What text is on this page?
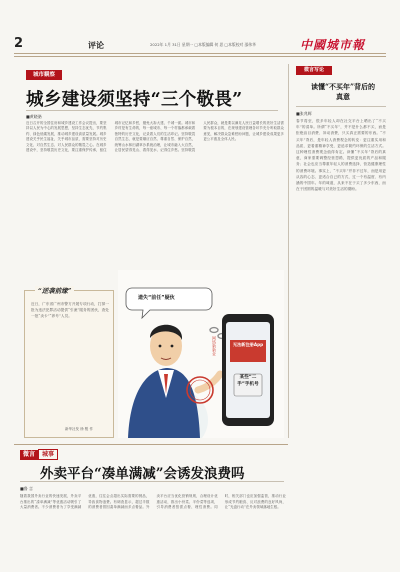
2	评论	2022年 1月 31日 星期一 □本版编辑 何 思 □本版校对 邵伟华	中國城市報
城市観察
城乡建设须坚持“三个敬畏”
■黄晓骆
近日召开的全国住房和城乡建设工作会议提出，要坚持以人民为中心的发展思想，坚持生态优先、节约集约、绿色低碳发展，推动城乡建设高质量发展。城乡建设关乎民生福祉，关乎城市品质，需要坚持对历史文化、对自然生态、对人民群众的敬畏之心。在城乡建设中，坚持敬畏历史文化，要注重保护传承，留住城市记忆和乡愁，避免大拆大建、千城一面。城市和乡村是有生命的，每一座城市、每一个村落都承载着独特的历史文化，记录着人们的生活印记。坚持敬畏自然生态，就是要顺应自然、尊重自然、保护自然，统筹山水林田湖草沙系统治理，让城市融入大自然，让居民望得见山、看得见水、记得住乡愁。坚持敬畏人民群众，就是要以满足人民日益增长的美好生活需要为根本目的，在规划建设管理各环节充分听取群众意见，解决群众急难愁盼问题，让城乡建设成果更多更公平惠及全体人民。
“逆袭前缘”
近日，广东省广州市警方开展专项行动，打掉一批为违法犯罪活动提供“引流”服务的团伙，查处一批“卖卡”“养号”人员。
新华社发 徐 骏 作
遗失“前任”疑伙
无法新注册App
某些“二手”手机号
网络新新业
微言写论
读懂“不买年”背后的真意
■张兆辉
春节将至，很多年轻人却在社交平台上晒出了“不买年”的清单。所谓“不买年”，并不是什么都不买，而是拒绝盲目消费、冲动消费，只买真正需要的东西。“不买年”背后，是年轻人消费观念的转变：更注重实用和品质，更看重精神享受，更追求简约环保的生活方式。这种理性消费观念值得肯定。读懂“不买年”背后的真意，商家需要调整经营思路，提供更优质的产品和服务；社会也应当尊重年轻人的消费选择，营造健康理性的消费环境。事实上，“不买年”并非不过年，而是用更从容的心态、更适合自己的方式，过一个有温度、有内涵的中国年。年的味道，从来不在于买了多少东西，而在于团圆的温暖与对美好生活的期盼。
微言 城事
外卖平台“凑单满减”会诱发浪费吗
■鲁 言
随着我国外卖行业的快速发展，外卖平台推出的“凑单满减”等优惠活动吸引了大量消费者。不少消费者为了享受满减优惠，往往会点超出实际需要的餐品，导致食物浪费。有调查显示，超过半数的消费者曾因凑单满减而多点餐品。外卖平台应当优化营销规则，合理设计优惠活动，推出小份菜、半份菜等选项，引导消费者按需点餐、理性消费。同时，相关部门也应加强监管，推动行业形成节约粮食、反对浪费的良好风尚，让“光盘行动”在外卖领域落地生根。
